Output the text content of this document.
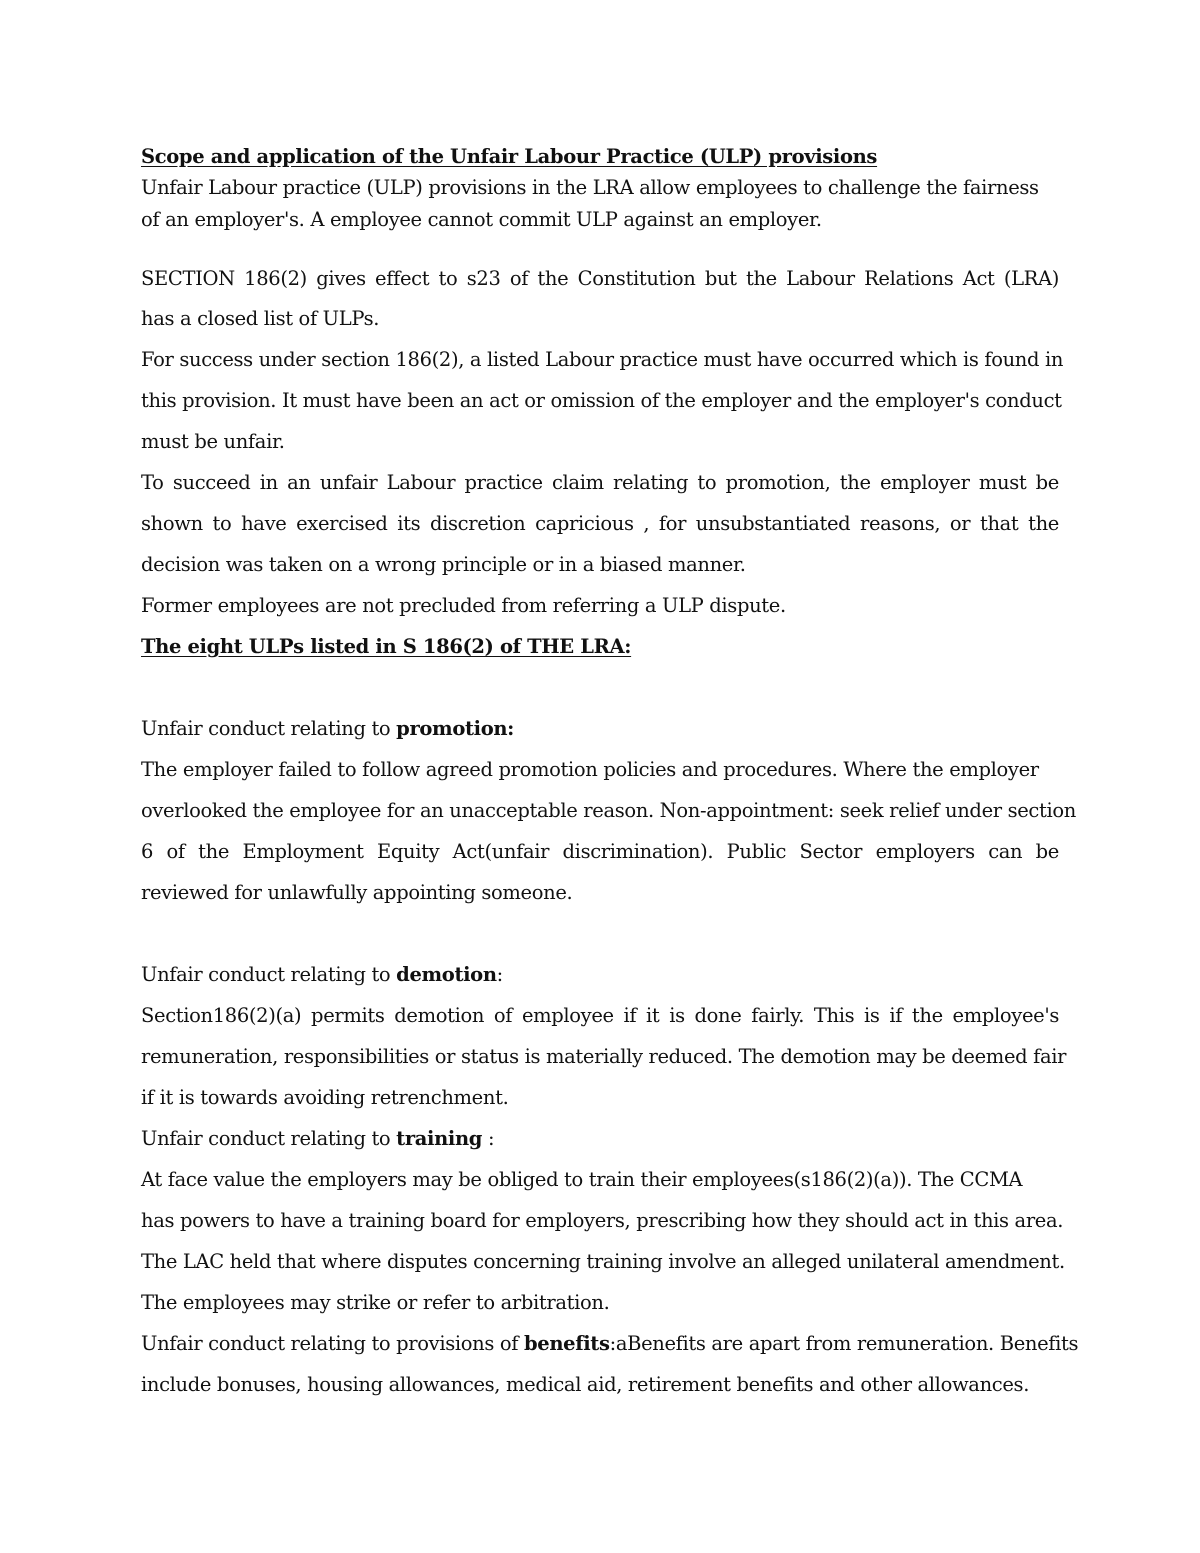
Scope and application of the Unfair Labour Practice (ULP) provisions
Unfair Labour practice (ULP) provisions in the LRA allow employees to challenge the fairness
of an employer's. A employee cannot commit ULP against an employer.
SECTION 186(2) gives effect to s23 of the Constitution but the Labour Relations Act (LRA)
has a closed list of ULPs.
For success under section 186(2), a listed Labour practice must have occurred which is found in
this provision. It must have been an act or omission of the employer and the employer's conduct
must be unfair.
To succeed in an unfair Labour practice claim relating to promotion, the employer must be
shown to have exercised its discretion capricious , for unsubstantiated reasons, or that the
decision was taken on a wrong principle or in a biased manner.
Former employees are not precluded from referring a ULP dispute.
The eight ULPs listed in S 186(2) of THE LRA:
Unfair conduct relating to promotion:
The employer failed to follow agreed promotion policies and procedures. Where the employer
overlooked the employee for an unacceptable reason. Non-appointment: seek relief under section
6 of the Employment Equity Act(unfair discrimination). Public Sector employers can be
reviewed for unlawfully appointing someone.
Unfair conduct relating to demotion:
Section186(2)(a) permits demotion of employee if it is done fairly. This is if the employee's
remuneration, responsibilities or status is materially reduced. The demotion may be deemed fair
if it is towards avoiding retrenchment.
Unfair conduct relating to training :
At face value the employers may be obliged to train their employees(s186(2)(a)). The CCMA
has powers to have a training board for employers, prescribing how they should act in this area.
The LAC held that where disputes concerning training involve an alleged unilateral amendment.
The employees may strike or refer to arbitration.
Unfair conduct relating to provisions of benefits:aBenefits are apart from remuneration. Benefits
include bonuses, housing allowances, medical aid, retirement benefits and other allowances.
